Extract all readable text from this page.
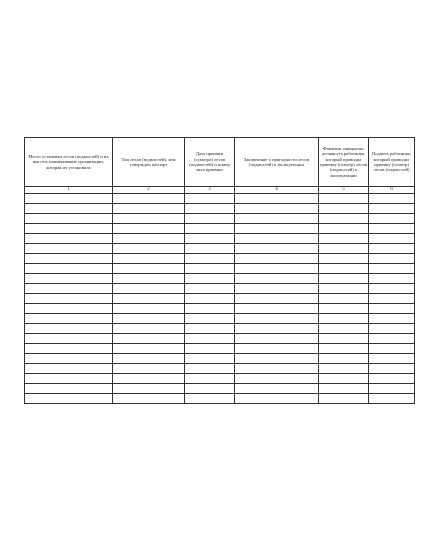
Место установки лесов (подмостей) и их высота; наименование организации, которая их установила	Тип лесов (подмостей), кем утвержден паспорт	Дата приемки (осмотра) лесов (подмостей) и номер акта приемки	Заключение о пригодности лесов (подмостей) к эксплуатации	Фамилия, инициалы, должность работника, который проводил приемку (осмотр) лесов (подмостей) к эксплуатации	Подпись работника, который проводил приемку (осмотр) лесов (подмостей)
1	2	3	4	5	6
